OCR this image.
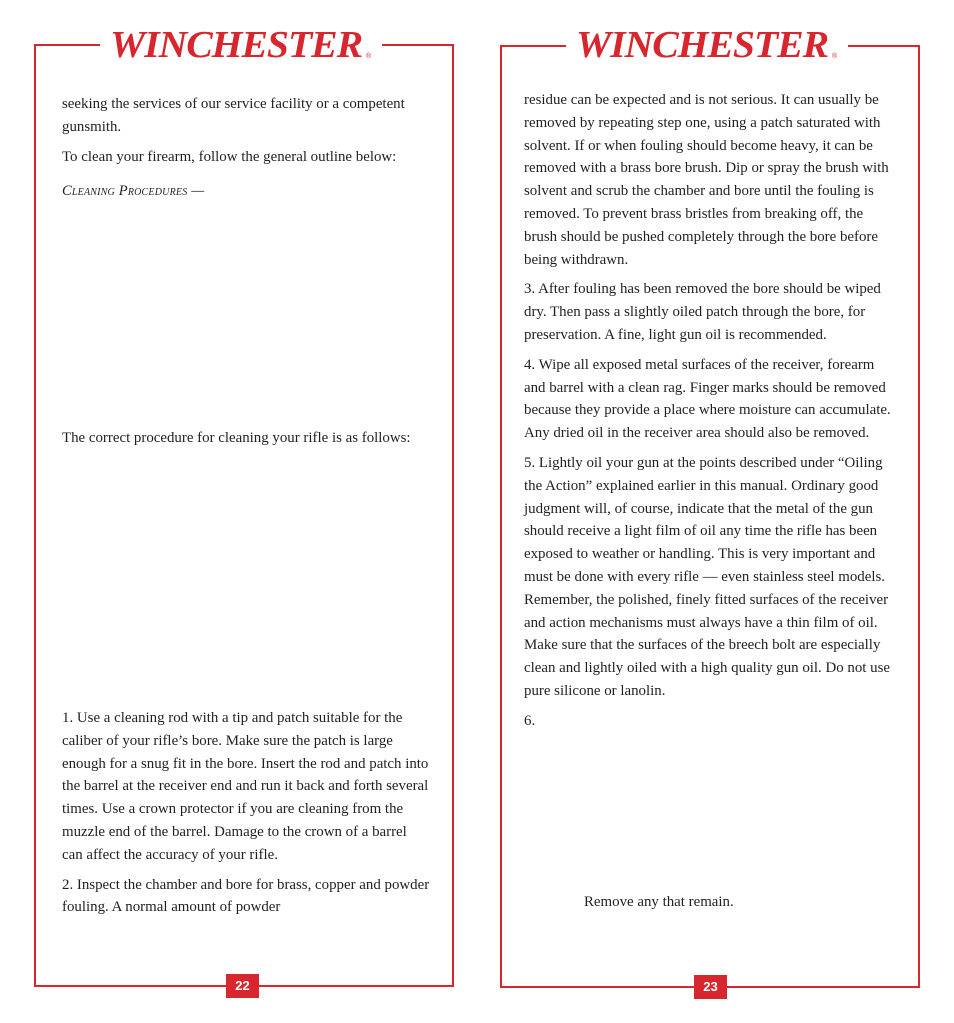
WINCHESTER ®

seeking the services of our service facility or a competent gunsmith.

To clean your firearm, follow the general outline below:

Cleaning Procedures —

The correct procedure for cleaning your rifle is as follows:

1. Use a cleaning rod with a tip and patch suitable for the caliber of your rifle’s bore. Make sure the patch is large enough for a snug fit in the bore. Insert the rod and patch into the barrel at the receiver end and run it back and forth several times. Use a crown protector if you are cleaning from the muzzle end of the barrel. Damage to the crown of a barrel can affect the accuracy of your rifle.

2. Inspect the chamber and bore for brass, copper and powder fouling. A normal amount of powder

22
WINCHESTER ®

residue can be expected and is not serious. It can usually be removed by repeating step one, using a patch saturated with solvent. If or when fouling should become heavy, it can be removed with a brass bore brush. Dip or spray the brush with solvent and scrub the chamber and bore until the fouling is removed. To prevent brass bristles from breaking off, the brush should be pushed completely through the bore before being withdrawn.

3. After fouling has been removed the bore should be wiped dry. Then pass a slightly oiled patch through the bore, for preservation. A fine, light gun oil is recommended.

4. Wipe all exposed metal surfaces of the receiver, forearm and barrel with a clean rag. Finger marks should be removed because they provide a place where moisture can accumulate. Any dried oil in the receiver area should also be removed.

5. Lightly oil your gun at the points described under “Oiling the Action” explained earlier in this manual. Ordinary good judgment will, of course, indicate that the metal of the gun should receive a light film of oil any time the rifle has been exposed to weather or handling. This is very important and must be done with every rifle — even stainless steel models. Remember, the polished, finely fitted surfaces of the receiver and action mechanisms must always have a thin film of oil. Make sure that the surfaces of the breech bolt are especially clean and lightly oiled with a high quality gun oil. Do not use pure silicone or lanolin.

6.

Remove any that remain.

23
